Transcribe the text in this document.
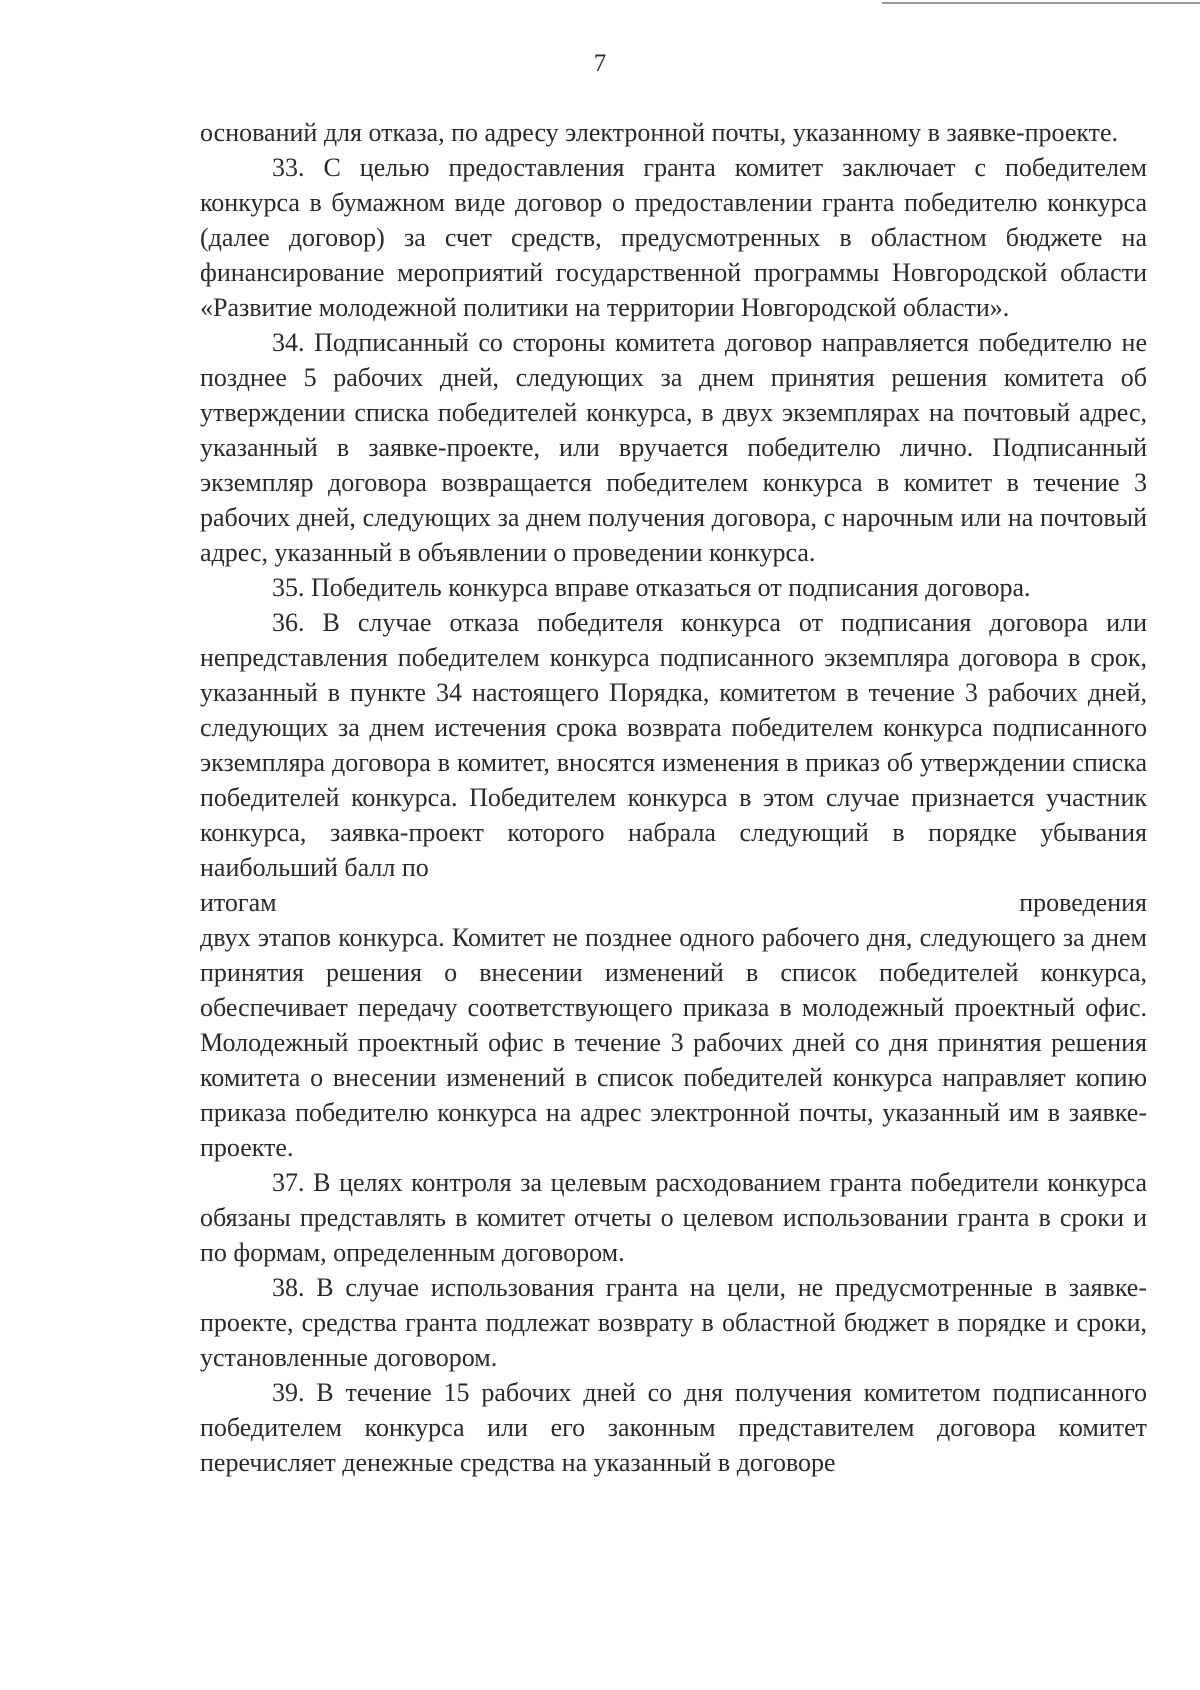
7

оснований для отказа, по адресу электронной почты, указанному в заявке-проекте.

33. С целью предоставления гранта комитет заключает с победителем конкурса в бумажном виде договор о предоставлении гранта победителю конкурса (далее договор) за счет средств, предусмотренных в областном бюджете на финансирование мероприятий государственной программы Новгородской области «Развитие молодежной политики на территории Новгородской области».

34. Подписанный со стороны комитета договор направляется победителю не позднее 5 рабочих дней, следующих за днем принятия решения комитета об утверждении списка победителей конкурса, в двух экземплярах на почтовый адрес, указанный в заявке-проекте, или вручается победителю лично. Подписанный экземпляр договора возвращается победителем конкурса в комитет в течение 3 рабочих дней, следующих за днем получения договора, с нарочным или на почтовый адрес, указанный в объявлении о проведении конкурса.

35. Победитель конкурса вправе отказаться от подписания договора.

36. В случае отказа победителя конкурса от подписания договора или непредставления победителем конкурса подписанного экземпляра договора в срок, указанный в пункте 34 настоящего Порядка, комитетом в течение 3 рабочих дней, следующих за днем истечения срока возврата победителем конкурса подписанного экземпляра договора в комитет, вносятся изменения в приказ об утверждении списка победителей конкурса. Победителем конкурса в этом случае признается участник конкурса, заявка-проект которого набрала следующий в порядке убывания наибольший балл по

итогам	проведения

двух этапов конкурса. Комитет не позднее одного рабочего дня, следующего за днем принятия решения о внесении изменений в список победителей конкурса, обеспечивает передачу соответствующего приказа в молодежный проектный офис. Молодежный проектный офис в течение 3 рабочих дней со дня принятия решения комитета о внесении изменений в список победителей конкурса направляет копию приказа победителю конкурса на адрес электронной почты, указанный им в заявке-проекте.

37. В целях контроля за целевым расходованием гранта победители конкурса обязаны представлять в комитет отчеты о целевом использовании гранта в сроки и по формам, определенным договором.

38. В случае использования гранта на цели, не предусмотренные в заявке-проекте, средства гранта подлежат возврату в областной бюджет в порядке и сроки, установленные договором.

39. В течение 15 рабочих дней со дня получения комитетом подписанного победителем конкурса или его законным представителем договора комитет перечисляет денежные средства на указанный в договоре
